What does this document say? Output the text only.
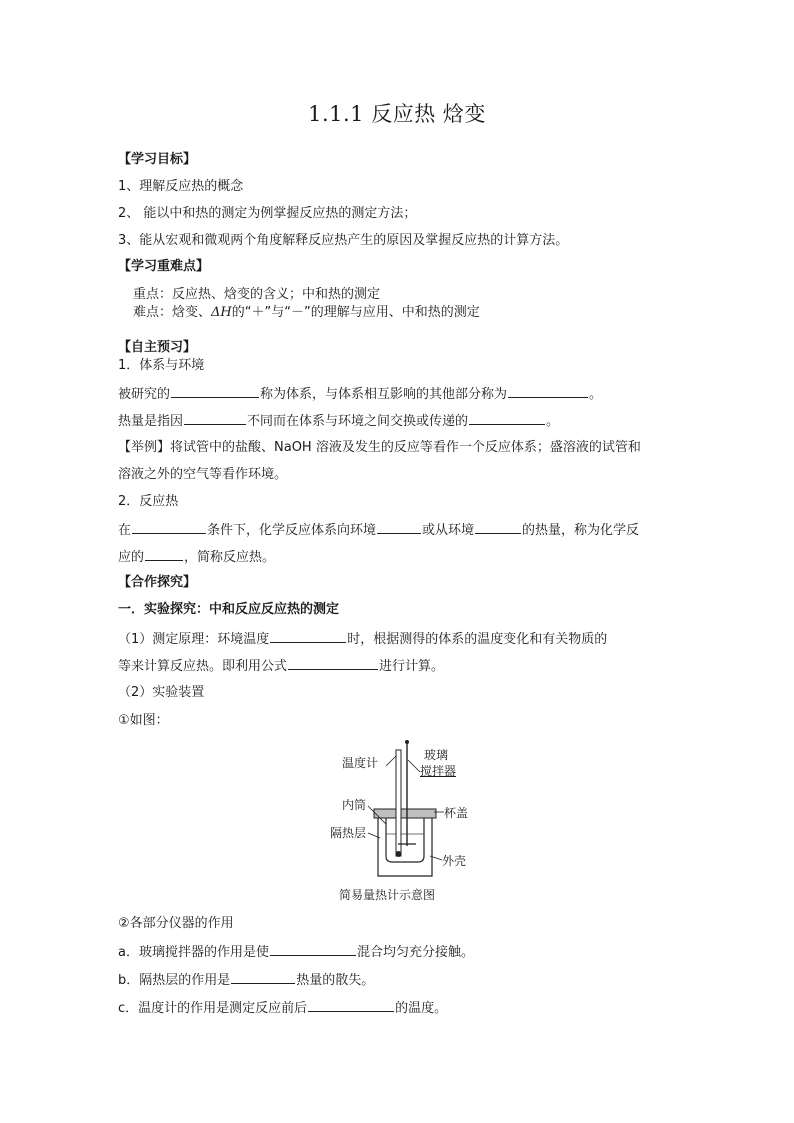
1.1.1 反应热 焓变
【学习目标】
1、理解反应热的概念
2、 能以中和热的测定为例掌握反应热的测定方法；
3、能从宏观和微观两个角度解释反应热产生的原因及掌握反应热的计算方法。
【学习重难点】
重点：反应热、焓变的含义；中和热的测定
难点：焓变、ΔH的“＋”与“－”的理解与应用、中和热的测定
【自主预习】
1．体系与环境
被研究的	称为体系，与体系相互影响的其他部分称为	。
热量是指因	不同而在体系与环境之间交换或传递的	。
【举例】将试管中的盐酸、NaOH 溶液及发生的反应等看作一个反应体系；盛溶液的试管和
溶液之外的空气等看作环境。
2．反应热
在	条件下，化学反应体系向环境	或从环境	的热量，称为化学反
应的	，简称反应热。
【合作探究】
一．实验探究：中和反应反应热的测定
（1）测定原理：环境温度	时，根据测得的体系的温度变化和有关物质的
等来计算反应热。即利用公式	进行计算。
（2）实验装置
①如图：
温度计
玻璃
搅拌器
内筒
杯盖
隔热层
外壳
简易量热计示意图
②各部分仪器的作用
a．玻璃搅拌器的作用是使	混合均匀充分接触。
b．隔热层的作用是	热量的散失。
c．温度计的作用是测定反应前后	的温度。
